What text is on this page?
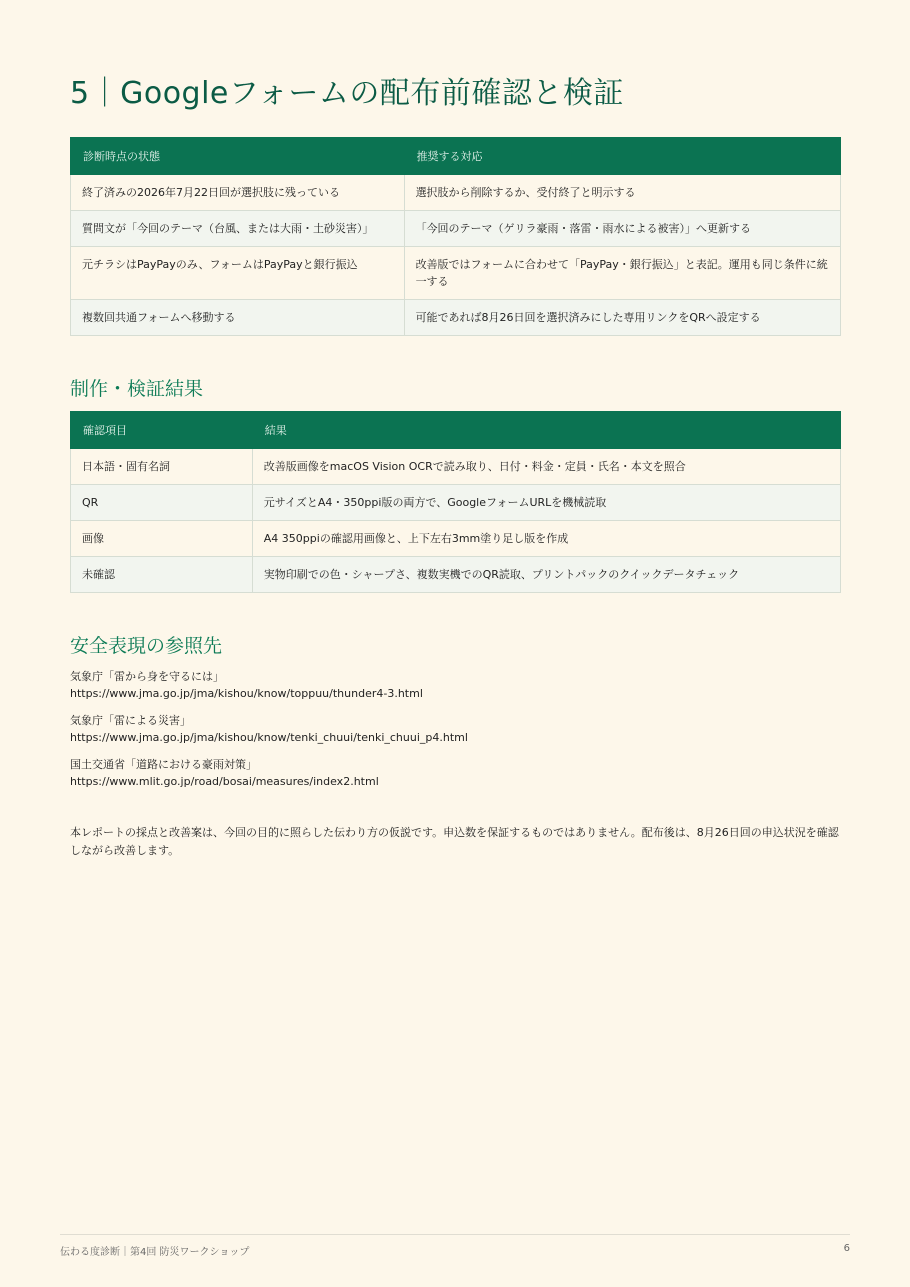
5｜Googleフォームの配布前確認と検証
診断時点の状態	推奨する対応
終了済みの2026年7月22日回が選択肢に残っている	選択肢から削除するか、受付終了と明示する
質問文が「今回のテーマ（台風、または大雨・土砂災害）」	「今回のテーマ（ゲリラ豪雨・落雷・雨水による被害）」へ更新する
元チラシはPayPayのみ、フォームはPayPayと銀行振込	改善版ではフォームに合わせて「PayPay・銀行振込」と表記。運用も同じ条件に統一する
複数回共通フォームへ移動する	可能であれば8月26日回を選択済みにした専用リンクをQRへ設定する
制作・検証結果
確認項目	結果
日本語・固有名詞	改善版画像をmacOS Vision OCRで読み取り、日付・料金・定員・氏名・本文を照合
QR	元サイズとA4・350ppi版の両方で、GoogleフォームURLを機械読取
画像	A4 350ppiの確認用画像と、上下左右3mm塗り足し版を作成
未確認	実物印刷での色・シャープさ、複数実機でのQR読取、プリントパックのクイックデータチェック
安全表現の参照先
気象庁「雷から身を守るには」
https://www.jma.go.jp/jma/kishou/know/toppuu/thunder4-3.html
気象庁「雷による災害」
https://www.jma.go.jp/jma/kishou/know/tenki_chuui/tenki_chuui_p4.html
国土交通省「道路における豪雨対策」
https://www.mlit.go.jp/road/bosai/measures/index2.html

本レポートの採点と改善案は、今回の目的に照らした伝わり方の仮説です。申込数を保証するものではありません。配布後は、8月26日回の申込状況を確認しながら改善します。

伝わる度診断｜第4回 防災ワークショップ	6
